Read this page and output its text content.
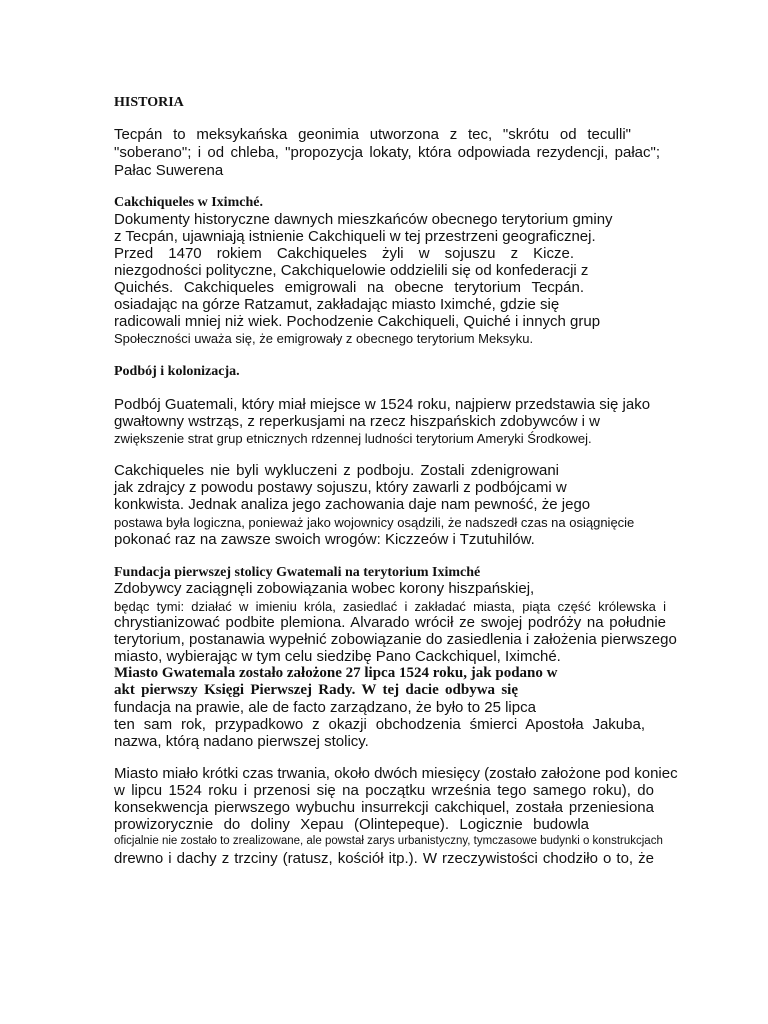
HISTORIA
Tecpán to meksykańska geonimia utworzona z tec, "skrótu od teculli"
"soberano"; i od chleba, "propozycja lokaty, która odpowiada rezydencji, pałac";
Pałac Suwerena
Cakchiqueles w Iximché.
Dokumenty historyczne dawnych mieszkańców obecnego terytorium gminy
z Tecpán, ujawniają istnienie Cakchiqueli w tej przestrzeni geograficznej.
Przed 1470 rokiem Cakchiqueles żyli w sojuszu z Kicze.
niezgodności polityczne, Cakchiquelowie oddzielili się od konfederacji z
Quichés. Cakchiqueles emigrowali na obecne terytorium Tecpán.
osiadając na górze Ratzamut, zakładając miasto Iximché, gdzie się
radicowali mniej niż wiek. Pochodzenie Cakchiqueli, Quiché i innych grup
Społeczności uważa się, że emigrowały z obecnego terytorium Meksyku.
Podbój i kolonizacja.
Podbój Guatemali, który miał miejsce w 1524 roku, najpierw przedstawia się jako
gwałtowny wstrząs, z reperkusjami na rzecz hiszpańskich zdobywców i w
zwiększenie strat grup etnicznych rdzennej ludności terytorium Ameryki Środkowej.
Cakchiqueles nie byli wykluczeni z podboju. Zostali zdenigrowani
jak zdrajcy z powodu postawy sojuszu, który zawarli z podbójcami w
konkwista. Jednak analiza jego zachowania daje nam pewność, że jego
postawa była logiczna, ponieważ jako wojownicy osądzili, że nadszedł czas na osiągnięcie
pokonać raz na zawsze swoich wrogów: Kiczzeów i Tzutuhilów.
Fundacja pierwszej stolicy Gwatemali na terytorium Iximché
Zdobywcy zaciągnęli zobowiązania wobec korony hiszpańskiej,
będąc tymi: działać w imieniu króla, zasiedlać i zakładać miasta, piąta część królewska i
chrystianizować podbite plemiona. Alvarado wrócił ze swojej podróży na południe
terytorium, postanawia wypełnić zobowiązanie do zasiedlenia i założenia pierwszego
miasto, wybierając w tym celu siedzibę Pano Cackchiquel, Iximché.
Miasto Gwatemala zostało założone 27 lipca 1524 roku, jak podano w
akt pierwszy Księgi Pierwszej Rady. W tej dacie odbywa się
fundacja na prawie, ale de facto zarządzano, że było to 25 lipca
ten sam rok, przypadkowo z okazji obchodzenia śmierci Apostoła Jakuba,
nazwa, którą nadano pierwszej stolicy.
Miasto miało krótki czas trwania, około dwóch miesięcy (zostało założone pod koniec
w lipcu 1524 roku i przenosi się na początku września tego samego roku), do
konsekwencja pierwszego wybuchu insurrekcji cakchiquel, została przeniesiona
prowizorycznie do doliny Xepau (Olintepeque). Logicznie budowla
oficjalnie nie zostało to zrealizowane, ale powstał zarys urbanistyczny, tymczasowe budynki o konstrukcjach
drewno i dachy z trzciny (ratusz, kościół itp.). W rzeczywistości chodziło o to, że
